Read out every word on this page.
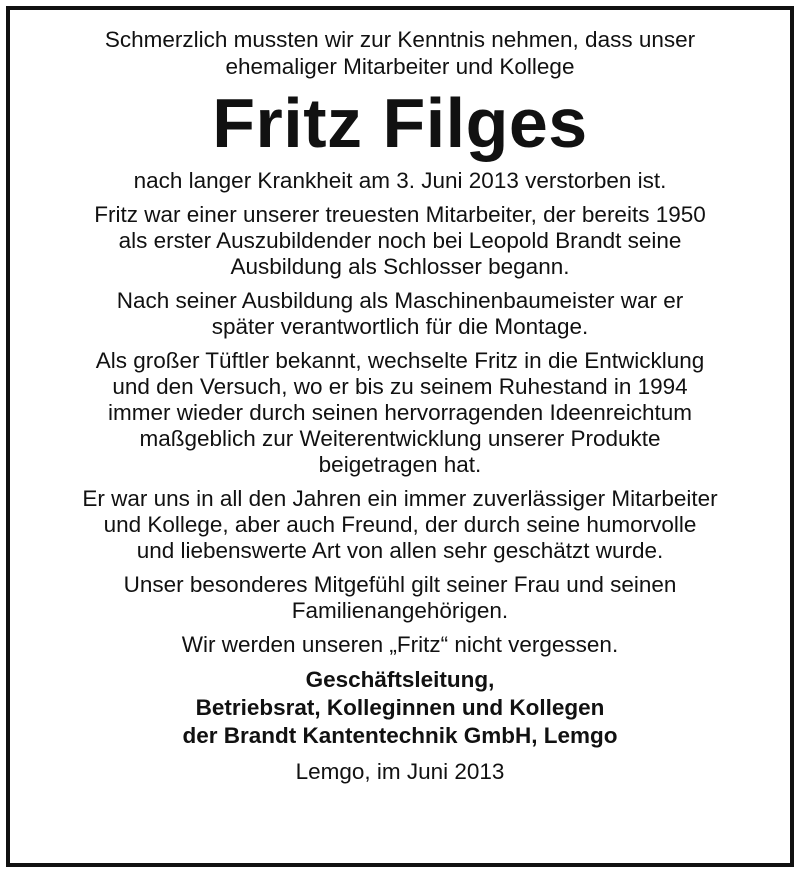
Schmerzlich mussten wir zur Kenntnis nehmen, dass unser
ehemaliger Mitarbeiter und Kollege
Fritz Filges
nach langer Krankheit am 3. Juni 2013 verstorben ist.
Fritz war einer unserer treuesten Mitarbeiter, der bereits 1950
als erster Auszubildender noch bei Leopold Brandt seine
Ausbildung als Schlosser begann.
Nach seiner Ausbildung als Maschinenbaumeister war er
später verantwortlich für die Montage.
Als großer Tüftler bekannt, wechselte Fritz in die Entwicklung
und den Versuch, wo er bis zu seinem Ruhestand in 1994
immer wieder durch seinen hervorragenden Ideenreichtum
maßgeblich zur Weiterentwicklung unserer Produkte
beigetragen hat.
Er war uns in all den Jahren ein immer zuverlässiger Mitarbeiter
und Kollege, aber auch Freund, der durch seine humorvolle
und liebenswerte Art von allen sehr geschätzt wurde.
Unser besonderes Mitgefühl gilt seiner Frau und seinen
Familienangehörigen.
Wir werden unseren „Fritz“ nicht vergessen.
Geschäftsleitung,
Betriebsrat, Kolleginnen und Kollegen
der Brandt Kantentechnik GmbH, Lemgo
Lemgo, im Juni 2013
